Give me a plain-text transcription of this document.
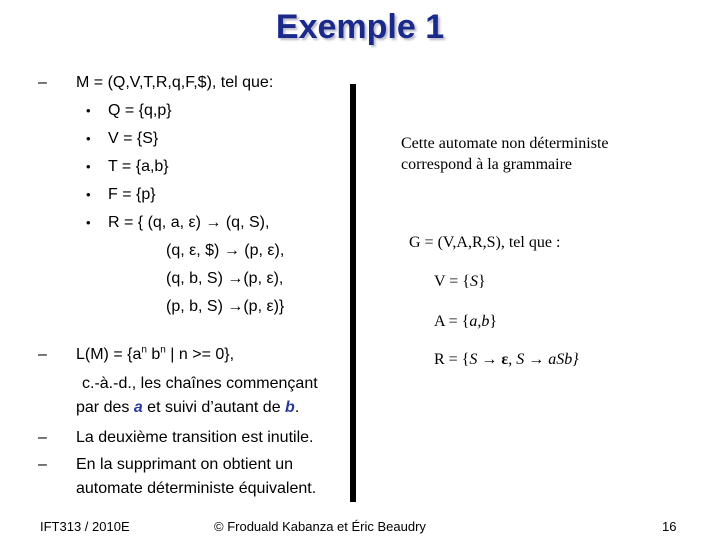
Exemple 1
– M = (Q,V,T,R,q,F,$), tel que:
• Q = {q,p}
• V = {S}
• T = {a,b}
• F = {p}
• R = { (q, a, ε) → (q, S),
(q, ε, $) → (p, ε),
(q, b, S) →(p, ε),
(p, b, S) →(p, ε)}
– $L(M) = \{a^n$ $b^n$ | n >= 0},
c.-à.-d., les chaînes commençant
par des a et suivi d’autant de b.
– La deuxième transition est inutile.
– En la supprimant on obtient un
automate déterministe équivalent.
Cette automate non déterministe
correspond à la grammaire
G = (V,A,R,S), tel que :
V = {S}
A = {a,b}
R = {S → ε, S → aSb}
IFT313 / 2010E	© Froduald Kabanza et Éric Beaudry	16
